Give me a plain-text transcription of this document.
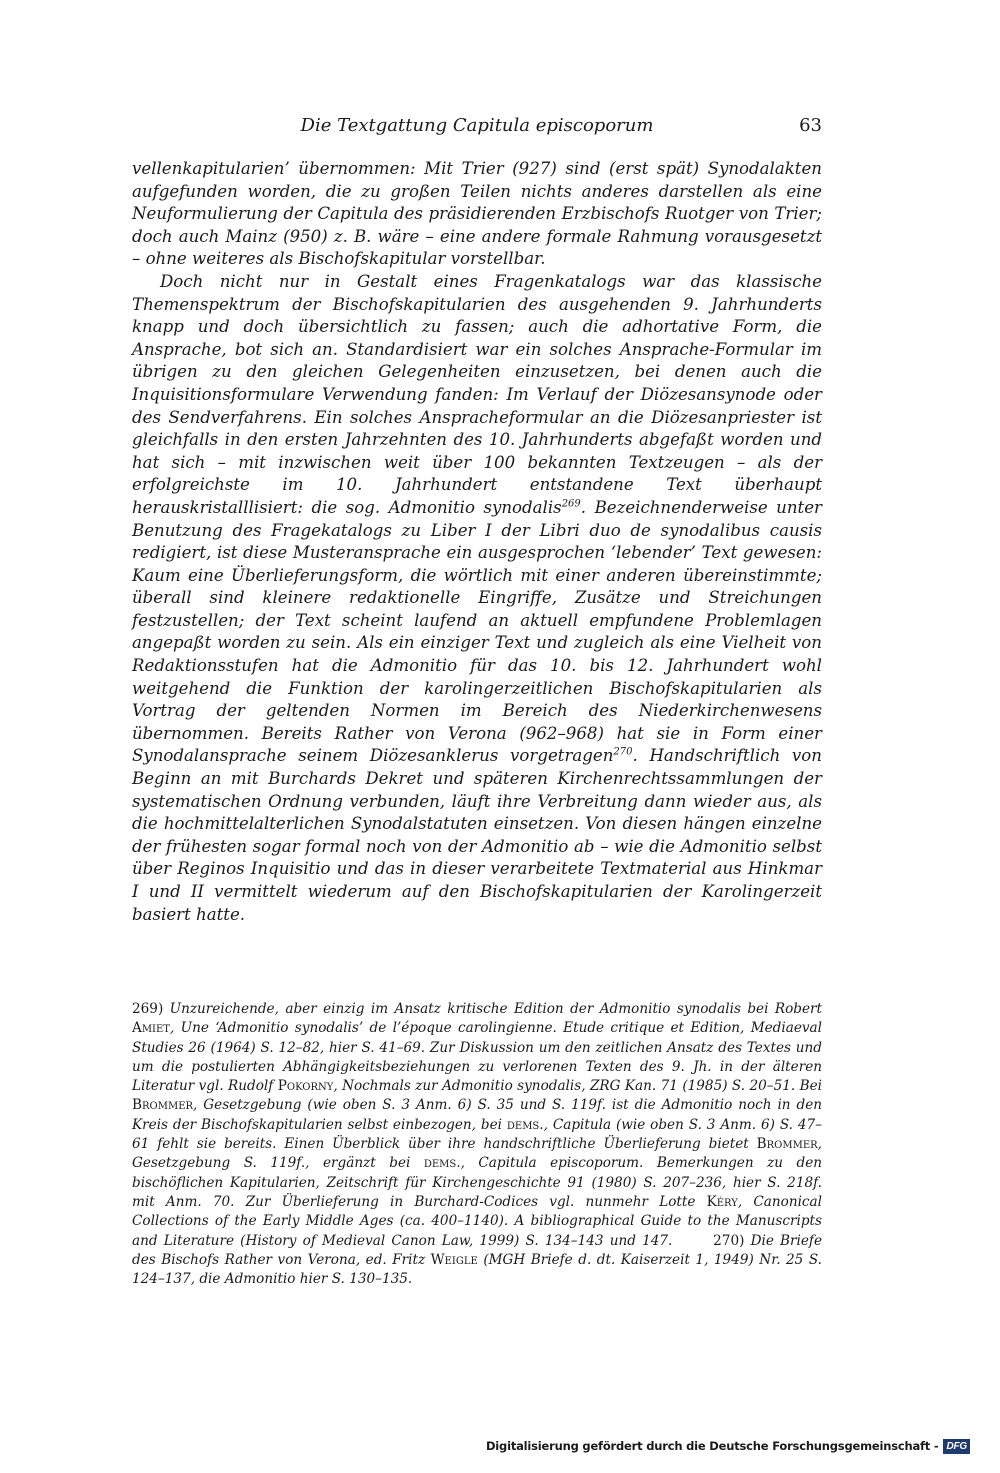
Die Textgattung Capitula episcoporum	63

vellenkapitularien’ übernommen: Mit Trier (927) sind (erst spät) Synodalakten aufgefunden worden, die zu großen Teilen nichts anderes darstellen als eine Neuformulierung der Capitula des präsidierenden Erzbischofs Ruotger von Trier; doch auch Mainz (950) z. B. wäre – eine andere formale Rahmung vorausgesetzt – ohne weiteres als Bischofskapitular vorstellbar.

Doch nicht nur in Gestalt eines Fragenkatalogs war das klassische Themenspektrum der Bischofskapitularien des ausgehenden 9. Jahrhunderts knapp und doch übersichtlich zu fassen; auch die adhortative Form, die Ansprache, bot sich an. Standardisiert war ein solches Ansprache-Formular im übrigen zu den gleichen Gelegenheiten einzusetzen, bei denen auch die Inquisitionsformulare Verwendung fanden: Im Verlauf der Diözesansynode oder des Sendverfahrens. Ein solches Ansprachеformular an die Diözesanpriester ist gleichfalls in den ersten Jahrzehnten des 10. Jahrhunderts abgefaßt worden und hat sich – mit inzwischen weit über 100 bekannten Textzeugen – als der erfolgreichste im 10. Jahrhundert entstandene Text überhaupt herauskristalllisiert: die sog. Admonitio synodalis$^{269}$. Bezeichnenderweise unter Benutzung des Fragekatalogs zu Liber I der Libri duo de synodalibus causis redigiert, ist diese Musteransprache ein ausgesprochen ‘lebender’ Text gewesen: Kaum eine Überlieferungsform, die wörtlich mit einer anderen übereinstimmte; überall sind kleinere redaktionelle Eingriffe, Zusätze und Streichungen festzustellen; der Text scheint laufend an aktuell empfundene Problemlagen angepaßt worden zu sein. Als ein einziger Text und zugleich als eine Vielheit von Redaktionsstufen hat die Admonitio für das 10. bis 12. Jahrhundert wohl weitgehend die Funktion der karolingerzeitlichen Bischofskapitularien als Vortrag der geltenden Normen im Bereich des Niederkirchenwesens übernommen. Bereits Rather von Verona (962–968) hat sie in Form einer Synodalansprache seinem Diözesanklerus vorgetragen$^{270}$. Handschriftlich von Beginn an mit Burchards Dekret und späteren Kirchenrechtssammlungen der systematischen Ordnung verbunden, läuft ihre Verbreitung dann wieder aus, als die hochmittelalterlichen Synodalstatuten einsetzen. Von diesen hängen einzelne der frühesten sogar formal noch von der Admonitio ab – wie die Admonitio selbst über Reginos Inquisitio und das in dieser verarbeitete Textmaterial aus Hinkmar I und II vermittelt wiederum auf den Bischofskapitularien der Karolingerzeit basiert hatte.

269) Unzureichende, aber einzig im Ansatz kritische Edition der Admonitio synodalis bei Robert Amiet, Une ‘Admonitio synodalis’ de l’époque carolingienne. Etude critique et Edition, Mediaeval Studies 26 (1964) S. 12–82, hier S. 41–69. Zur Diskussion um den zeitlichen Ansatz des Textes und um die postulierten Abhängigkeitsbeziehungen zu verlorenen Texten des 9. Jh. in der älteren Literatur vgl. Rudolf Pokorny, Nochmals zur Admonitio synodalis, ZRG Kan. 71 (1985) S. 20–51. Bei Brommer, Gesetzgebung (wie oben S. 3 Anm. 6) S. 35 und S. 119f. ist die Admonitio noch in den Kreis der Bischofskapitularien selbst einbezogen, bei dems., Capitula (wie oben S. 3 Anm. 6) S. 47–61 fehlt sie bereits. Einen Überblick über ihre handschriftliche Überlieferung bietet Brommer, Gesetzgebung S. 119f., ergänzt bei dems., Capitula episcoporum. Bemerkungen zu den bischöflichen Kapitularien, Zeitschrift für Kirchengeschichte 91 (1980) S. 207–236, hier S. 218f. mit Anm. 70. Zur Überlieferung in Burchard-Codices vgl. nunmehr Lotte Kéry, Canonical Collections of the Early Middle Ages (ca. 400–1140). A bibliographical Guide to the Manuscripts and Literature (History of Medieval Canon Law, 1999) S. 134–143 und 147.   	270) Die Briefe des Bischofs Rather von Verona, ed. Fritz Weigle (MGH Briefe d. dt. Kaiserzeit 1, 1949) Nr. 25 S. 124–137, die Admonitio hier S. 130–135.
Digitalisierung gefördert durch die Deutsche Forschungsgemeinschaft - DFG
